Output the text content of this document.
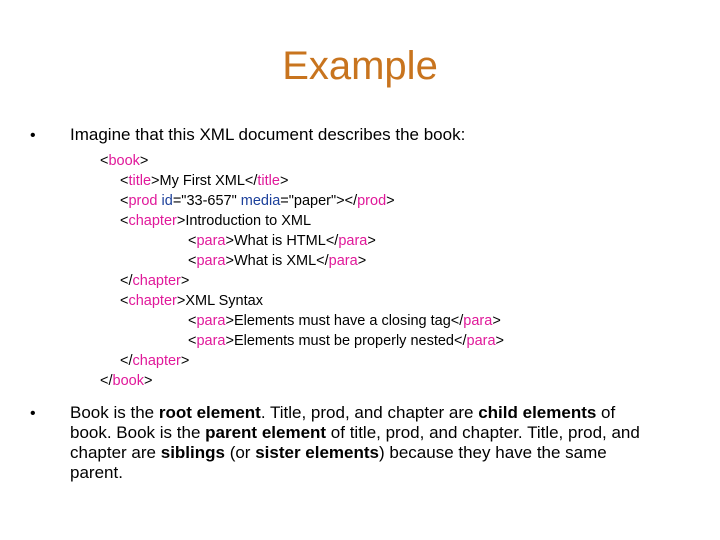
Example
• Imagine that this XML document describes the book:
<book>
<title>My First XML</title>
<prod id="33-657" media="paper"></prod>
<chapter>Introduction to XML
<para>What is HTML</para>
<para>What is XML</para>
</chapter>
<chapter>XML Syntax
<para>Elements must have a closing tag</para>
<para>Elements must be properly nested</para>
</chapter>
</book>
• Book is the root element. Title, prod, and chapter are child elements of book. Book is the parent element of title, prod, and chapter. Title, prod, and chapter are siblings (or sister elements) because they have the same parent.
